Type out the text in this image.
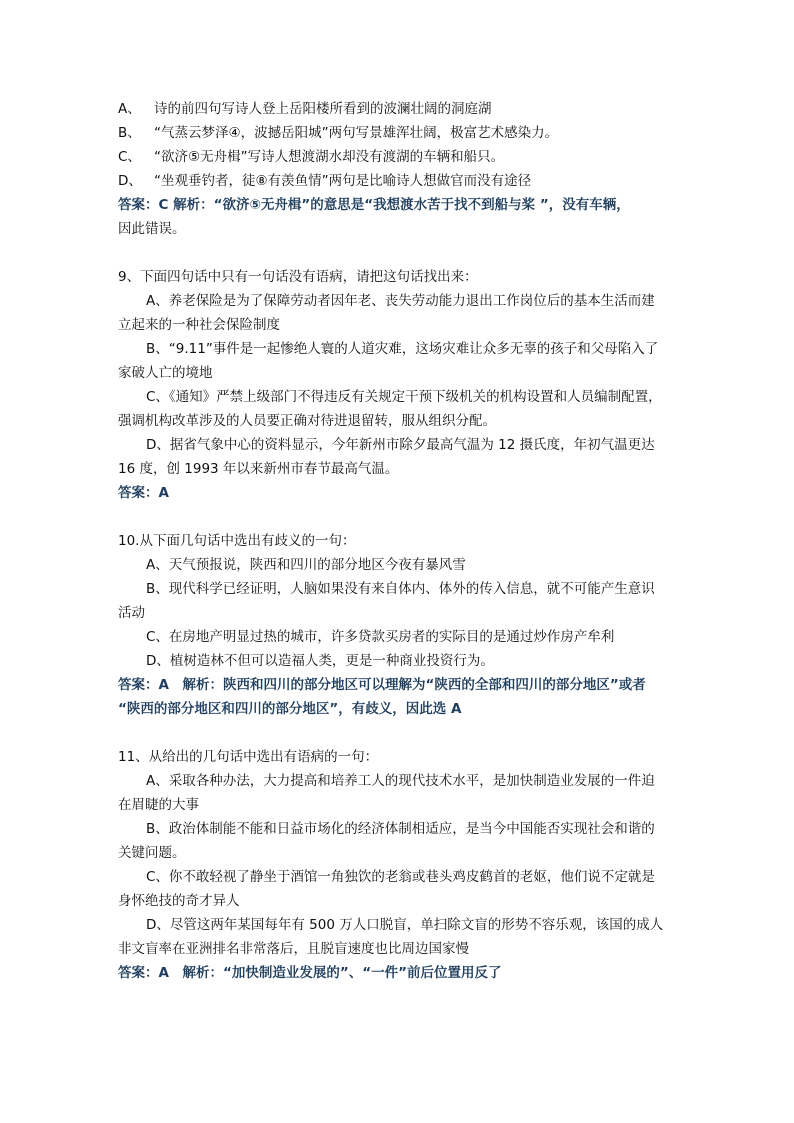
A、 诗的前四句写诗人登上岳阳楼所看到的波澜壮阔的洞庭湖
B、 “气蒸云梦泽④，波撼岳阳城”两句写景雄浑壮阔，极富艺术感染力。
C、 “欲济⑤无舟楫”写诗人想渡湖水却没有渡湖的车辆和船只。
D、 “坐观垂钓者，徒⑧有羡鱼情”两句是比喻诗人想做官而没有途径
答案：C 解析：“欲济⑤无舟楫”的意思是“我想渡水苦于找不到船与桨 ”，没有车辆，
因此错误。
9、下面四句话中只有一句话没有语病，请把这句话找出来：
A、养老保险是为了保障劳动者因年老、丧失劳动能力退出工作岗位后的基本生活而建
立起来的一种社会保险制度
B、“9.11”事件是一起惨绝人寰的人道灾难，这场灾难让众多无辜的孩子和父母陷入了
家破人亡的境地
C、《通知》严禁上级部门不得违反有关规定干预下级机关的机构设置和人员编制配置，
强调机构改革涉及的人员要正确对待进退留转，服从组织分配。
D、据省气象中心的资料显示，今年新州市除夕最高气温为 12 摄氏度，年初气温更达
16 度，创 1993 年以来新州市春节最高气温。
答案：A
10.从下面几句话中选出有歧义的一句：
A、天气预报说，陕西和四川的部分地区今夜有暴风雪
B、现代科学已经证明，人脑如果没有来自体内、体外的传入信息，就不可能产生意识
活动
C、在房地产明显过热的城市，许多贷款买房者的实际目的是通过炒作房产牟利
D、植树造林不但可以造福人类，更是一种商业投资行为。
答案：A　解析：陕西和四川的部分地区可以理解为“陕西的全部和四川的部分地区”或者
“陕西的部分地区和四川的部分地区”，有歧义，因此选 A
11、从给出的几句话中选出有语病的一句：
A、采取各种办法，大力提高和培养工人的现代技术水平，是加快制造业发展的一件迫
在眉睫的大事
B、政治体制能不能和日益市场化的经济体制相适应，是当今中国能否实现社会和谐的
关键问题。
C、你不敢轻视了静坐于酒馆一角独饮的老翁或巷头鸡皮鹤首的老妪，他们说不定就是
身怀绝技的奇才异人
D、尽管这两年某国每年有 500 万人口脱盲，单扫除文盲的形势不容乐观，该国的成人
非文盲率在亚洲排名非常落后，且脱盲速度也比周边国家慢
答案：A　解析：“加快制造业发展的”、“一件”前后位置用反了
